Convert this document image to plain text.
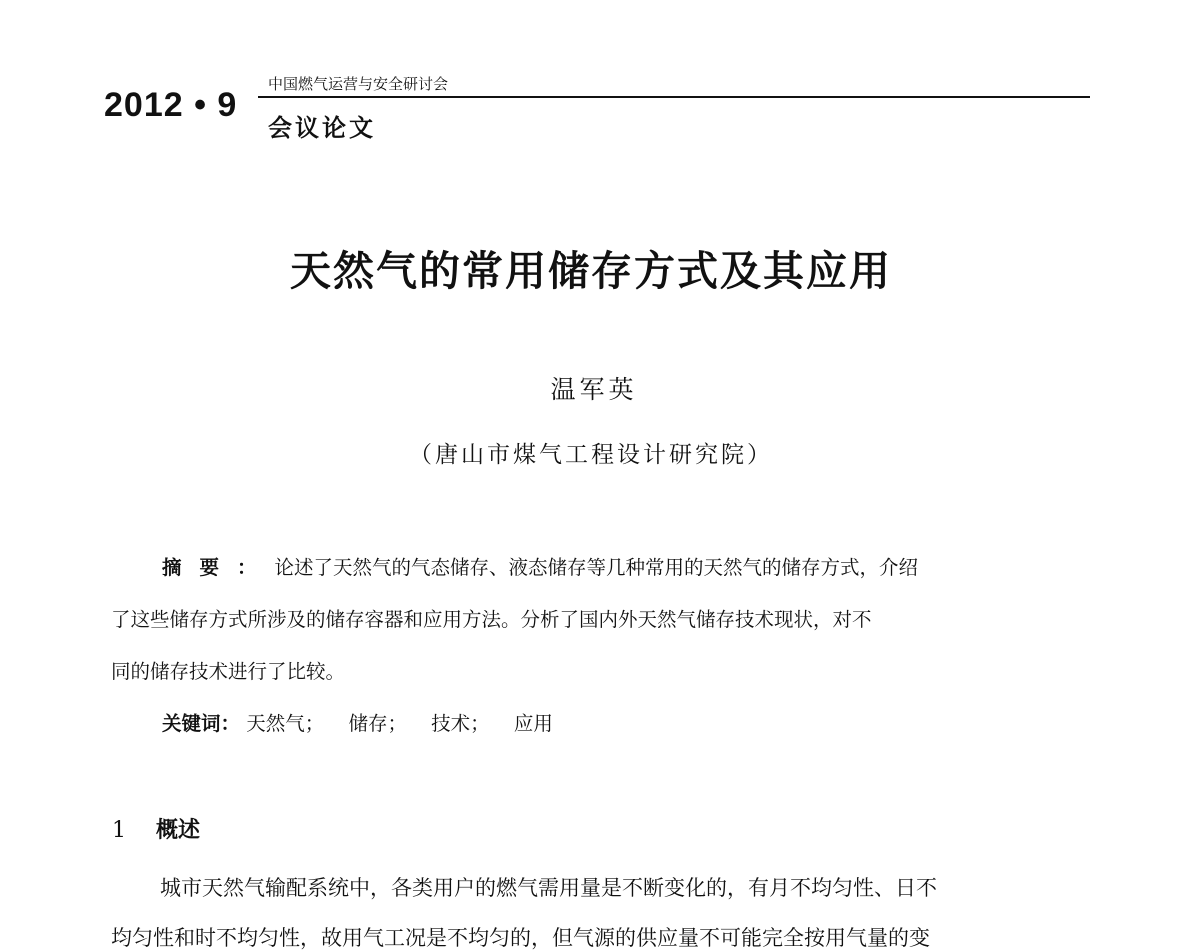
2012 • 9
中国燃气运营与安全研讨会
会议论文
天然气的常用储存方式及其应用
温军英
（唐山市煤气工程设计研究院）
摘要：论述了天然气的气态储存、液态储存等几种常用的天然气的储存方式，介绍
了这些储存方式所涉及的储存容器和应用方法。分析了国内外天然气储存技术现状，对不
同的储存技术进行了比较。
关键词： 天然气； 储存； 技术； 应用
1 概述
城市天然气输配系统中，各类用户的燃气需用量是不断变化的，有月不均匀性、日不
均匀性和时不均匀性，故用气工况是不均匀的，但气源的供应量不可能完全按用气量的变
